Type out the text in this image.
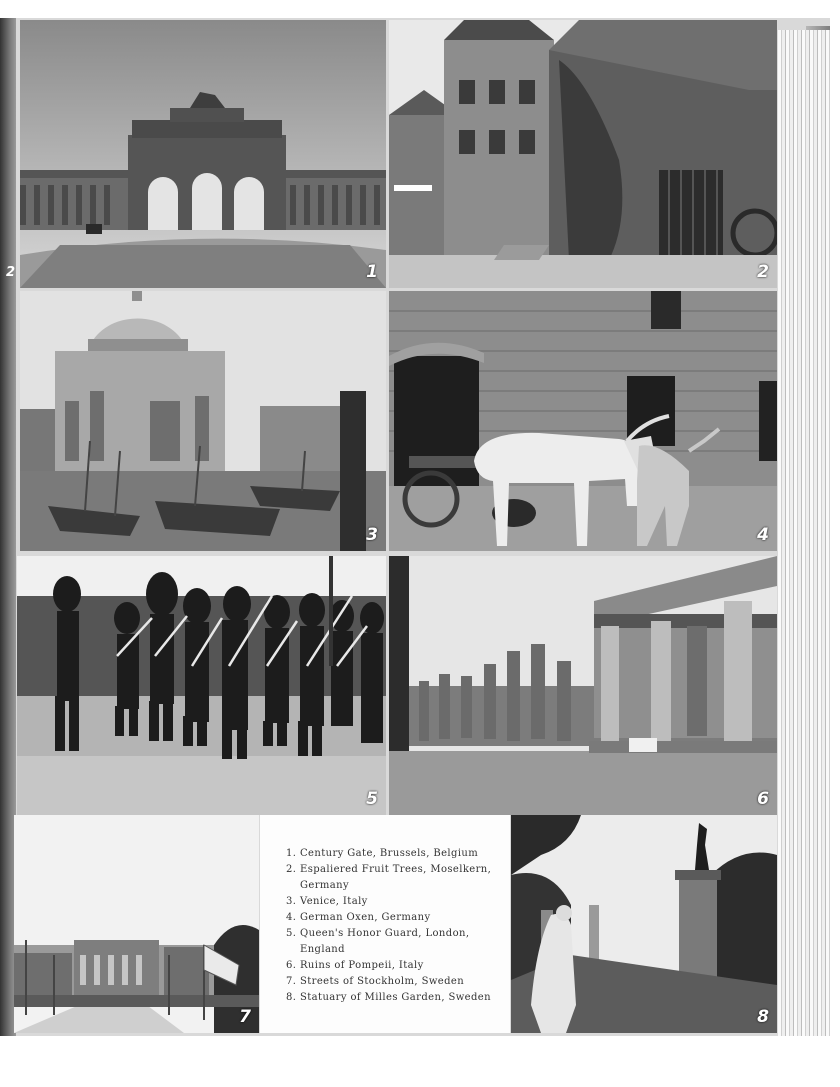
2	1	2
3	4
5	6
7
1. Century Gate, Brussels, Belgium
2. Espaliered Fruit Trees, Moselkern, Germany
3. Venice, Italy
4. German Oxen, Germany
5. Queen's Honor Guard, London, England
6. Ruins of Pompeii, Italy
7. Streets of Stockholm, Sweden
8. Statuary of Milles Garden, Sweden
8
